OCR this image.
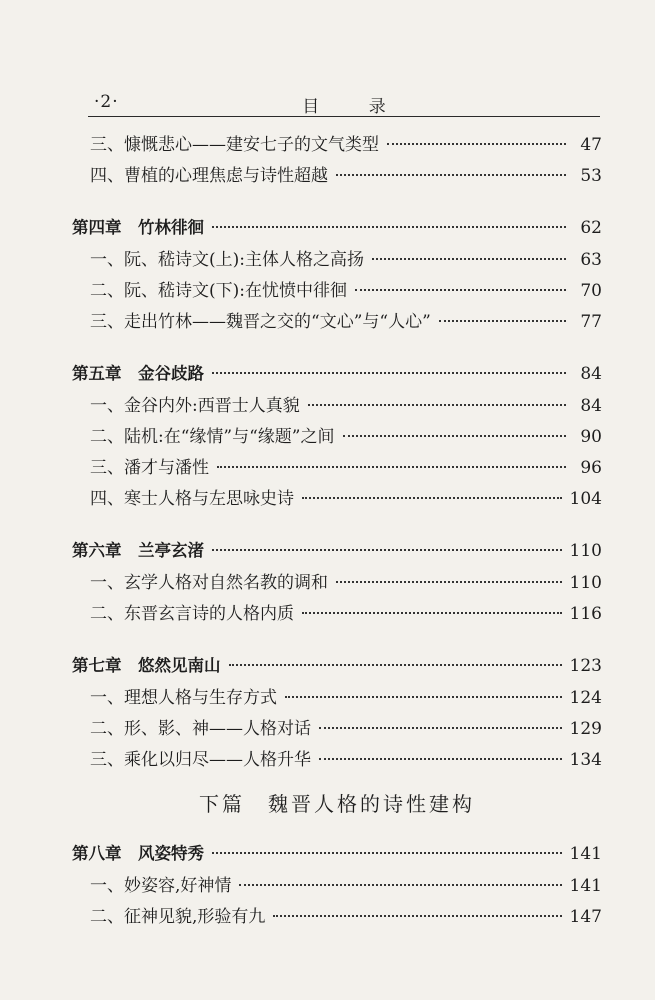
·2·	目 录
三、慷慨悲心——建安七子的文气类型	47
四、曹植的心理焦虑与诗性超越	53
第四章　竹林徘徊	62
一、阮、嵇诗文(上):主体人格之高扬	63
二、阮、嵇诗文(下):在忧愤中徘徊	70
三、走出竹林——魏晋之交的“文心”与“人心”	77
第五章　金谷歧路	84
一、金谷内外:西晋士人真貌	84
二、陆机:在“缘情”与“缘题”之间	90
三、潘才与潘性	96
四、寒士人格与左思咏史诗	104
第六章　兰亭玄渚	110
一、玄学人格对自然名教的调和	110
二、东晋玄言诗的人格内质	116
第七章　悠然见南山	123
一、理想人格与生存方式	124
二、形、影、神——人格对话	129
三、乘化以归尽——人格升华	134
下篇　魏晋人格的诗性建构
第八章　风姿特秀	141
一、妙姿容,好神情	141
二、征神见貌,形验有九	147
